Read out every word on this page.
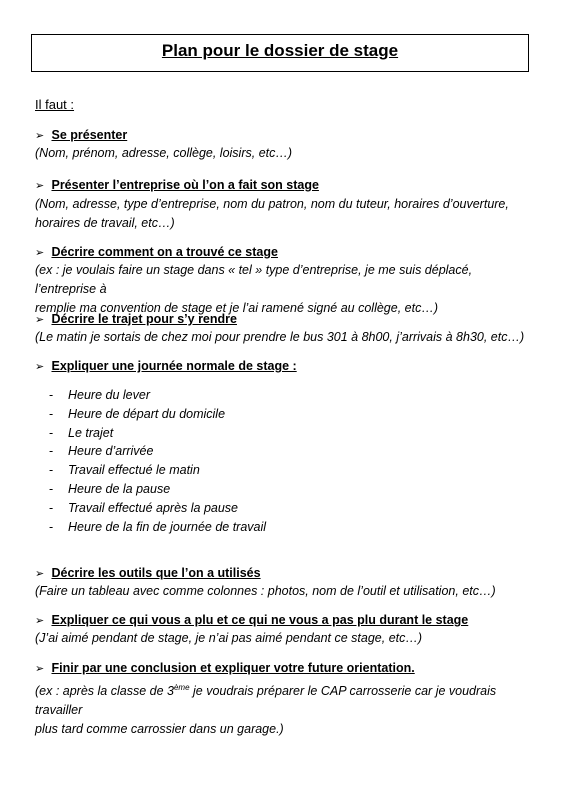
Plan pour le dossier de stage
Il faut :
➢ Se présenter
(Nom, prénom, adresse, collège, loisirs, etc…)
➢ Présenter l’entreprise où l’on a fait son stage
(Nom, adresse, type d’entreprise, nom du patron, nom du tuteur, horaires d’ouverture,
horaires de travail, etc…)
➢ Décrire comment on a trouvé ce stage
(ex : je voulais faire un stage dans « tel » type d’entreprise, je me suis déplacé, l’entreprise à
remplie ma convention de stage et je l’ai ramené signé au collège, etc…)
➢ Décrire le trajet pour s’y rendre
(Le matin je sortais de chez moi pour prendre le bus 301 à 8h00, j’arrivais à 8h30, etc…)
➢ Expliquer une journée normale de stage :
- Heure du lever
- Heure de départ du domicile
- Le trajet
- Heure d’arrivée
- Travail effectué le matin
- Heure de la pause
- Travail effectué après la pause
- Heure de la fin de journée de travail
➢ Décrire les outils que l’on a utilisés
(Faire un tableau avec comme colonnes : photos, nom de l’outil et utilisation, etc…)
➢ Expliquer ce qui vous a plu et ce qui ne vous a pas plu durant le stage
(J’ai aimé pendant de stage, je n’ai pas aimé pendant ce stage, etc…)
➢ Finir par une conclusion et expliquer votre future orientation.
(ex : après la classe de 3ème je voudrais préparer le CAP carrosserie car je voudrais travailler
plus tard comme carrossier dans un garage.)
